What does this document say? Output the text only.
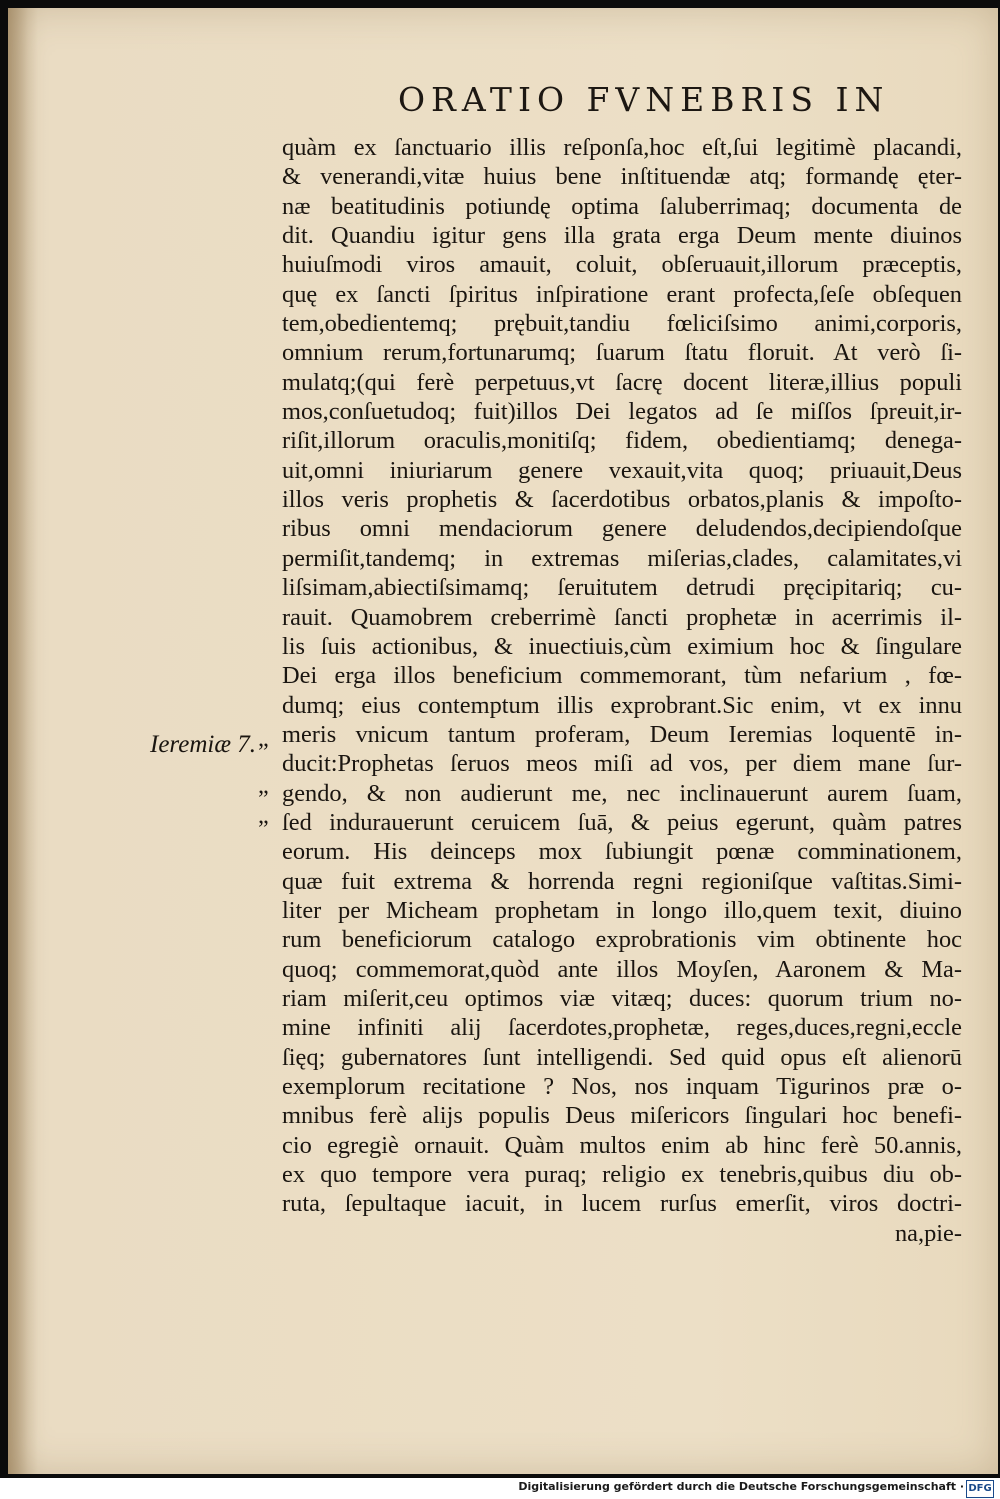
ORATIO FVNEBRIS IN
quàm ex ſanctuario illis reſponſa,hoc eſt,ſui legitimè placandi,
& venerandi,vitæ huius bene inſtituendæ atq; formandę ęter-
næ beatitudinis potiundę optima ſaluberrimaq; documenta de
dit. Quandiu igitur gens illa grata erga Deum mente diuinos
huiuſmodi viros amauit, coluit, obſeruauit,illorum præceptis,
quę ex ſancti ſpiritus inſpiratione erant profecta,ſeſe obſequen
tem,obedientemq; prębuit,tandiu fœliciſsimo animi,corporis,
omnium rerum,fortunarumq; ſuarum ſtatu floruit. At verò ſi-
mulatq;(qui ferè perpetuus,vt ſacrę docent literæ,illius populi
mos,conſuetudoq; fuit)illos Dei legatos ad ſe miſſos ſpreuit,ir-
riſit,illorum oraculis,monitiſq; fidem, obedientiamq; denega-
uit,omni iniuriarum genere vexauit,vita quoq; priuauit,Deus
illos veris prophetis & ſacerdotibus orbatos,planis & impoſto-
ribus omni mendaciorum genere deludendos,decipiendoſque
permiſit,tandemq; in extremas miſerias,clades, calamitates,vi
liſsimam,abiectiſsimamq; ſeruitutem detrudi pręcipitariq; cu-
rauit. Quamobrem creberrimè ſancti prophetæ in acerrimis il-
lis ſuis actionibus, & inuectiuis,cùm eximium hoc & ſingulare
Dei erga illos beneficium commemorant, tùm nefarium , fœ-
dumq; eius contemptum illis exprobrant.Sic enim, vt ex innu
meris vnicum tantum proferam, Deum Ieremias loquentē in-
ducit:Prophetas ſeruos meos miſi ad vos, per diem mane ſur-
gendo, & non audierunt me, nec inclinauerunt aurem ſuam,
ſed indurauerunt ceruicem ſuā, & peius egerunt, quàm patres
eorum. His deinceps mox ſubiungit pœnæ comminationem,
quæ fuit extrema & horrenda regni regioniſque vaſtitas.Simi-
liter per Micheam prophetam in longo illo,quem texit, diuino
rum beneficiorum catalogo exprobrationis vim obtinente hoc
quoq; commemorat,quòd ante illos Moyſen, Aaronem & Ma-
riam miſerit,ceu optimos viæ vitæq; duces: quorum trium no-
mine infiniti alij ſacerdotes,prophetæ, reges,duces,regni,eccle
ſięq; gubernatores ſunt intelligendi. Sed quid opus eſt alienorū
exemplorum recitatione ? Nos, nos inquam Tigurinos præ o-
mnibus ferè alijs populis Deus miſericors ſingulari hoc benefi-
cio egregiè ornauit. Quàm multos enim ab hinc ferè 50.annis,
ex quo tempore vera puraq; religio ex tenebris,quibus diu ob-
ruta, ſepultaque iacuit, in lucem rurſus emerſit, viros doctri-
na,pie-
Ieremiæ 7. „
„
„
Digitalisierung gefördert durch die Deutsche Forschungsgemeinschaft · DFG
